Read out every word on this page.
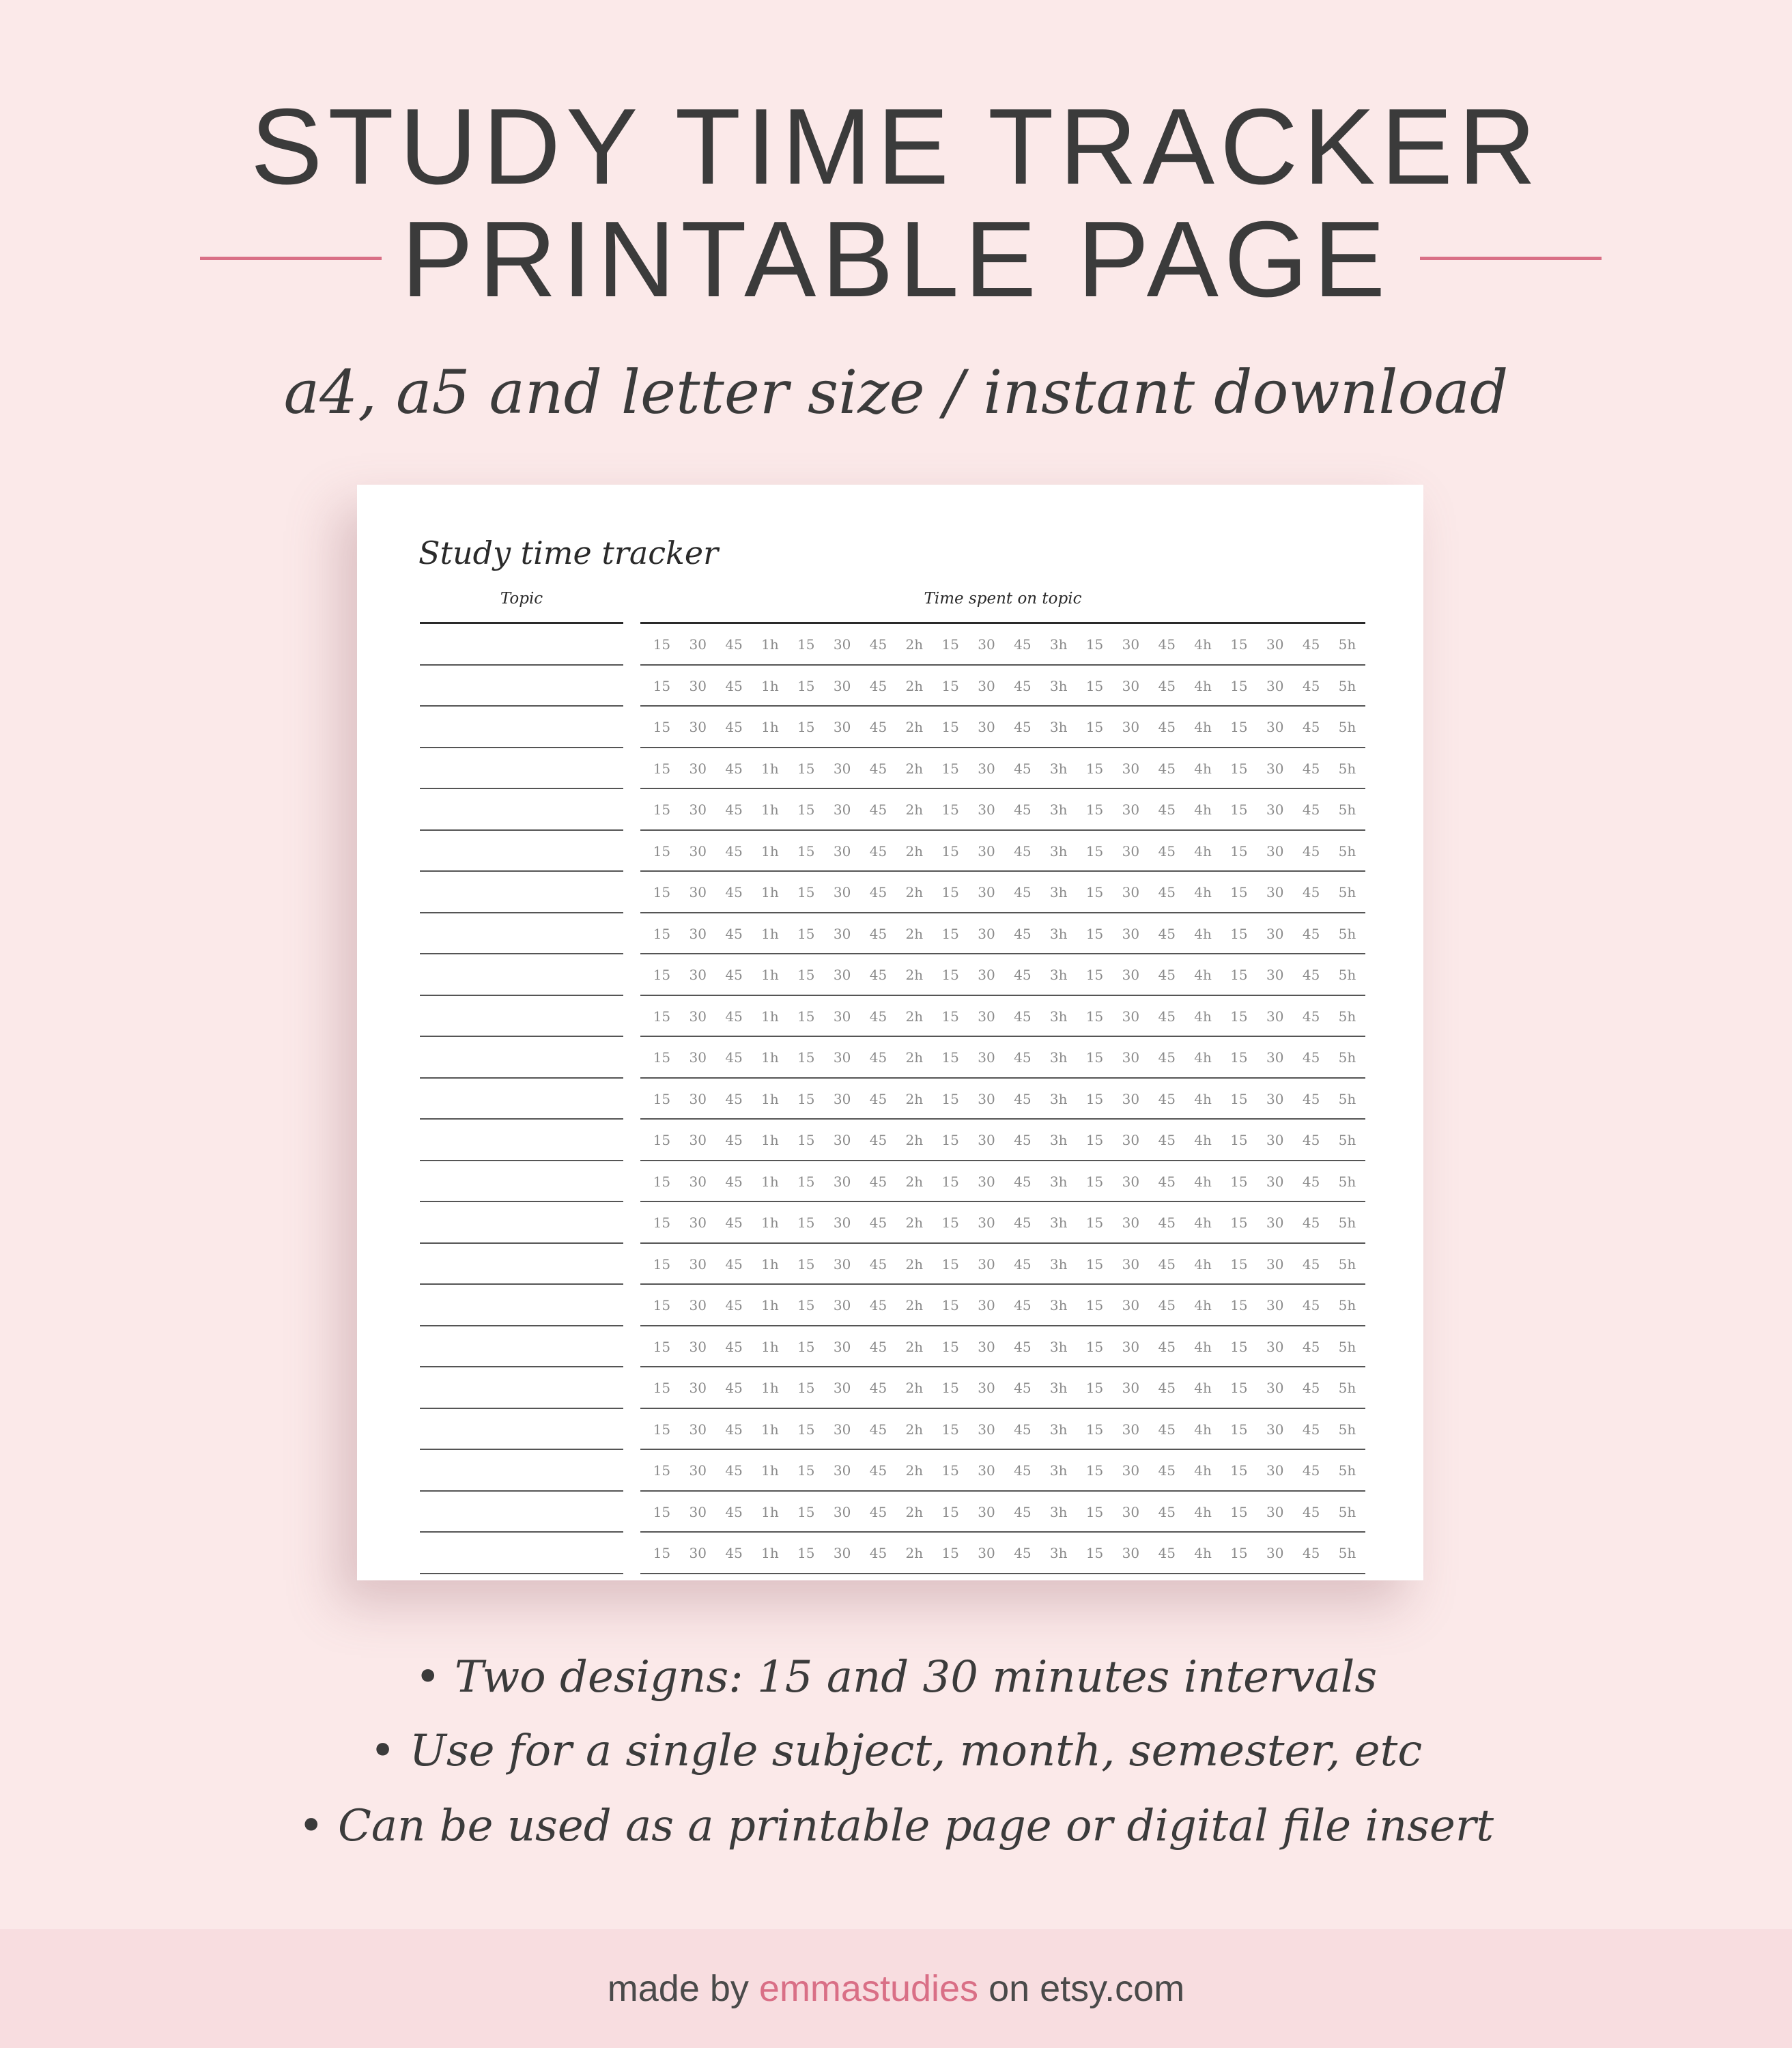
STUDY TIME TRACKER
PRINTABLE PAGE

a4, a5 and letter size / instant download

Study time tracker
Topic	Time spent on topic
15	30	45	1h	15	30	45	2h	15	30	45	3h	15	30	45	4h	15	30	45	5h
15	30	45	1h	15	30	45	2h	15	30	45	3h	15	30	45	4h	15	30	45	5h
15	30	45	1h	15	30	45	2h	15	30	45	3h	15	30	45	4h	15	30	45	5h
15	30	45	1h	15	30	45	2h	15	30	45	3h	15	30	45	4h	15	30	45	5h
15	30	45	1h	15	30	45	2h	15	30	45	3h	15	30	45	4h	15	30	45	5h
15	30	45	1h	15	30	45	2h	15	30	45	3h	15	30	45	4h	15	30	45	5h
15	30	45	1h	15	30	45	2h	15	30	45	3h	15	30	45	4h	15	30	45	5h
15	30	45	1h	15	30	45	2h	15	30	45	3h	15	30	45	4h	15	30	45	5h
15	30	45	1h	15	30	45	2h	15	30	45	3h	15	30	45	4h	15	30	45	5h
15	30	45	1h	15	30	45	2h	15	30	45	3h	15	30	45	4h	15	30	45	5h
15	30	45	1h	15	30	45	2h	15	30	45	3h	15	30	45	4h	15	30	45	5h
15	30	45	1h	15	30	45	2h	15	30	45	3h	15	30	45	4h	15	30	45	5h
15	30	45	1h	15	30	45	2h	15	30	45	3h	15	30	45	4h	15	30	45	5h
15	30	45	1h	15	30	45	2h	15	30	45	3h	15	30	45	4h	15	30	45	5h
15	30	45	1h	15	30	45	2h	15	30	45	3h	15	30	45	4h	15	30	45	5h
15	30	45	1h	15	30	45	2h	15	30	45	3h	15	30	45	4h	15	30	45	5h
15	30	45	1h	15	30	45	2h	15	30	45	3h	15	30	45	4h	15	30	45	5h
15	30	45	1h	15	30	45	2h	15	30	45	3h	15	30	45	4h	15	30	45	5h
15	30	45	1h	15	30	45	2h	15	30	45	3h	15	30	45	4h	15	30	45	5h
15	30	45	1h	15	30	45	2h	15	30	45	3h	15	30	45	4h	15	30	45	5h
15	30	45	1h	15	30	45	2h	15	30	45	3h	15	30	45	4h	15	30	45	5h
15	30	45	1h	15	30	45	2h	15	30	45	3h	15	30	45	4h	15	30	45	5h
15	30	45	1h	15	30	45	2h	15	30	45	3h	15	30	45	4h	15	30	45	5h

• Two designs: 15 and 30 minutes intervals

• Use for a single subject, month, semester, etc

• Can be used as a printable page or digital file insert

made by emmastudies on etsy.com
